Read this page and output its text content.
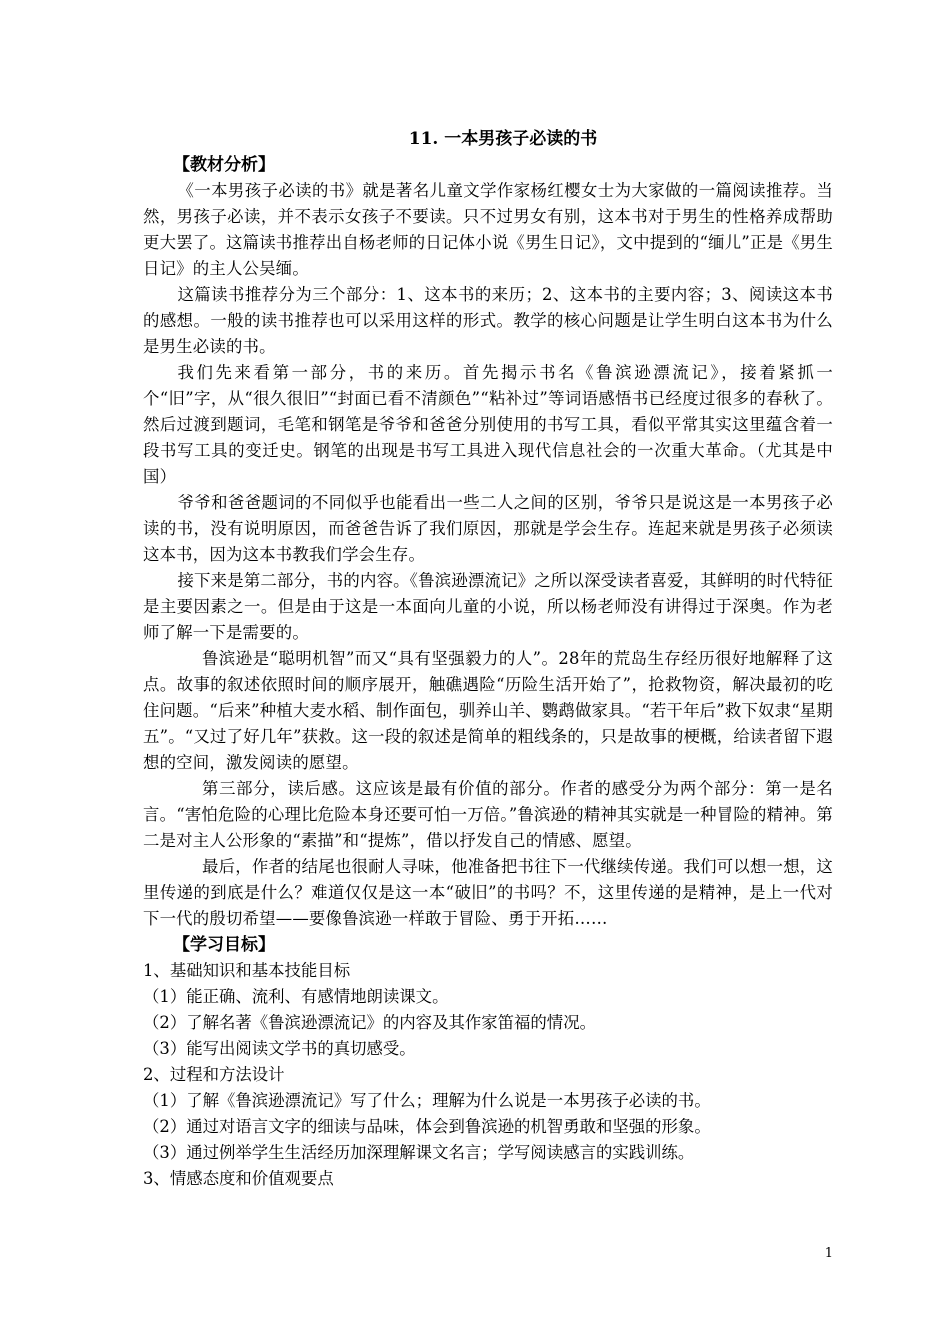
11. 一本男孩子必读的书
【教材分析】

《一本男孩子必读的书》就是著名儿童文学作家杨红樱女士为大家做的一篇阅读推荐。当然，男孩子必读，并不表示女孩子不要读。只不过男女有别，这本书对于男生的性格养成帮助更大罢了。这篇读书推荐出自杨老师的日记体小说《男生日记》，文中提到的“缅儿”正是《男生日记》的主人公吴缅。

这篇读书推荐分为三个部分：1、这本书的来历；2、这本书的主要内容；3、阅读这本书的感想。一般的读书推荐也可以采用这样的形式。教学的核心问题是让学生明白这本书为什么是男生必读的书。

我们先来看第一部分，书的来历。首先揭示书名《鲁滨逊漂流记》，接着紧抓一个“旧”字，从“很久很旧”“封面已看不清颜色”“粘补过”等词语感悟书已经度过很多的春秋了。然后过渡到题词，毛笔和钢笔是爷爷和爸爸分别使用的书写工具，看似平常其实这里蕴含着一段书写工具的变迁史。钢笔的出现是书写工具进入现代信息社会的一次重大革命。（尤其是中国）

爷爷和爸爸题词的不同似乎也能看出一些二人之间的区别，爷爷只是说这是一本男孩子必读的书，没有说明原因，而爸爸告诉了我们原因，那就是学会生存。连起来就是男孩子必须读这本书，因为这本书教我们学会生存。

接下来是第二部分，书的内容。《鲁滨逊漂流记》之所以深受读者喜爱，其鲜明的时代特征是主要因素之一。但是由于这是一本面向儿童的小说，所以杨老师没有讲得过于深奥。作为老师了解一下是需要的。

鲁滨逊是“聪明机智”而又“具有坚强毅力的人”。28年的荒岛生存经历很好地解释了这点。故事的叙述依照时间的顺序展开，触礁遇险“历险生活开始了”，抢救物资，解决最初的吃住问题。“后来”种植大麦水稻、制作面包，驯养山羊、鹦鹉做家具。“若干年后”救下奴隶“星期五”。“又过了好几年”获救。这一段的叙述是简单的粗线条的，只是故事的梗概，给读者留下遐想的空间，激发阅读的愿望。

第三部分，读后感。这应该是最有价值的部分。作者的感受分为两个部分：第一是名言。“害怕危险的心理比危险本身还要可怕一万倍。”鲁滨逊的精神其实就是一种冒险的精神。第二是对主人公形象的“素描”和“提炼”，借以抒发自己的情感、愿望。

最后，作者的结尾也很耐人寻味，他准备把书往下一代继续传递。我们可以想一想，这里传递的到底是什么？难道仅仅是这一本“破旧”的书吗？不，这里传递的是精神，是上一代对下一代的殷切希望——要像鲁滨逊一样敢于冒险、勇于开拓……

【学习目标】
1、基础知识和基本技能目标
（1）能正确、流利、有感情地朗读课文。
（2）了解名著《鲁滨逊漂流记》的内容及其作家笛福的情况。
（3）能写出阅读文学书的真切感受。
2、过程和方法设计
（1）了解《鲁滨逊漂流记》写了什么；理解为什么说是一本男孩子必读的书。
（2）通过对语言文字的细读与品味，体会到鲁滨逊的机智勇敢和坚强的形象。
（3）通过例举学生生活经历加深理解课文名言；学写阅读感言的实践训练。
3、情感态度和价值观要点
1
